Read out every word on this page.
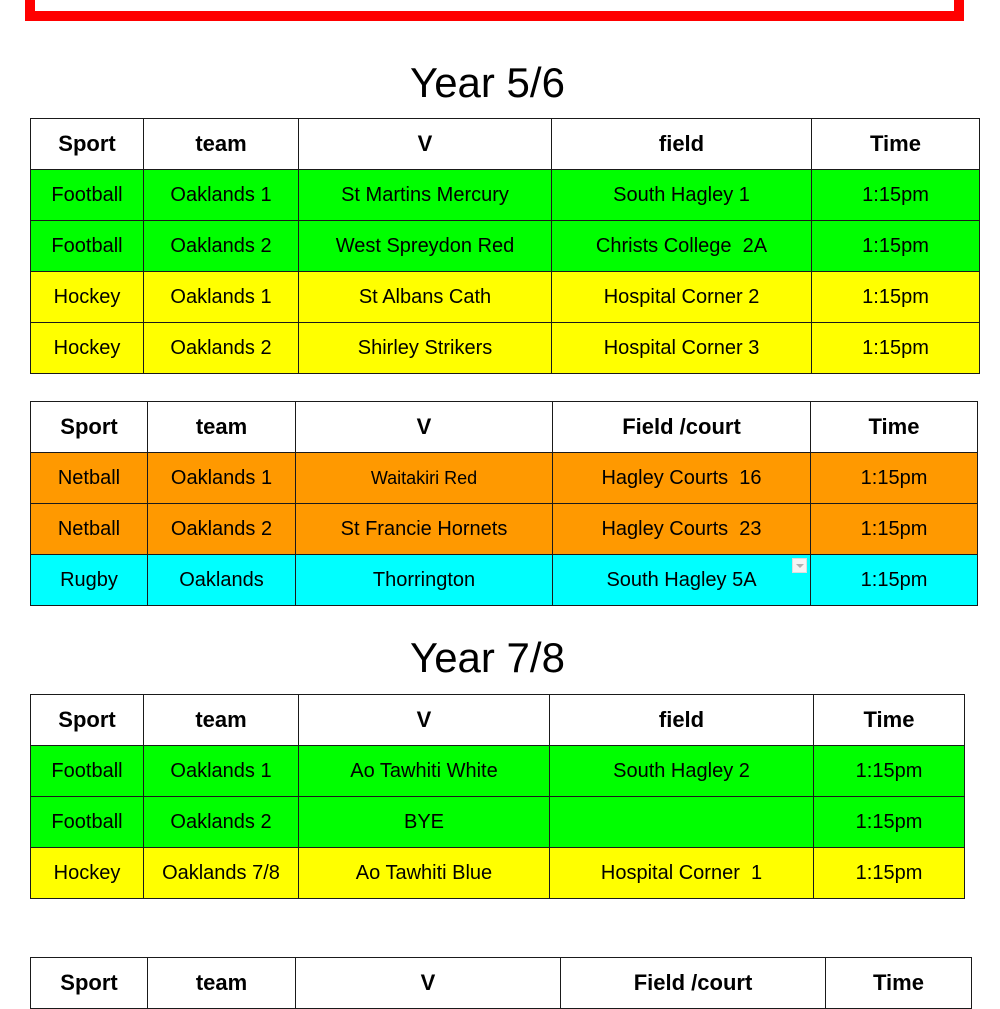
Year 5/6
Sport	team	V	field	Time
Football	Oaklands 1	St Martins Mercury	South Hagley 1	1:15pm
Football	Oaklands 2	West Spreydon Red	Christs College  2A	1:15pm
Hockey	Oaklands 1	St Albans Cath	Hospital Corner 2	1:15pm
Hockey	Oaklands 2	Shirley Strikers	Hospital Corner 3	1:15pm
Sport	team	V	Field /court	Time
Netball	Oaklands 1	Waitakiri Red	Hagley Courts  16	1:15pm
Netball	Oaklands 2	St Francie Hornets	Hagley Courts  23	1:15pm
Rugby	Oaklands	Thorrington	South Hagley 5A	1:15pm
Year 7/8
Sport	team	V	field	Time
Football	Oaklands 1	Ao Tawhiti White	South Hagley 2	1:15pm
Football	Oaklands 2	BYE		1:15pm
Hockey	Oaklands 7/8	Ao Tawhiti Blue	Hospital Corner  1	1:15pm
Sport	team	V	Field /court	Time
